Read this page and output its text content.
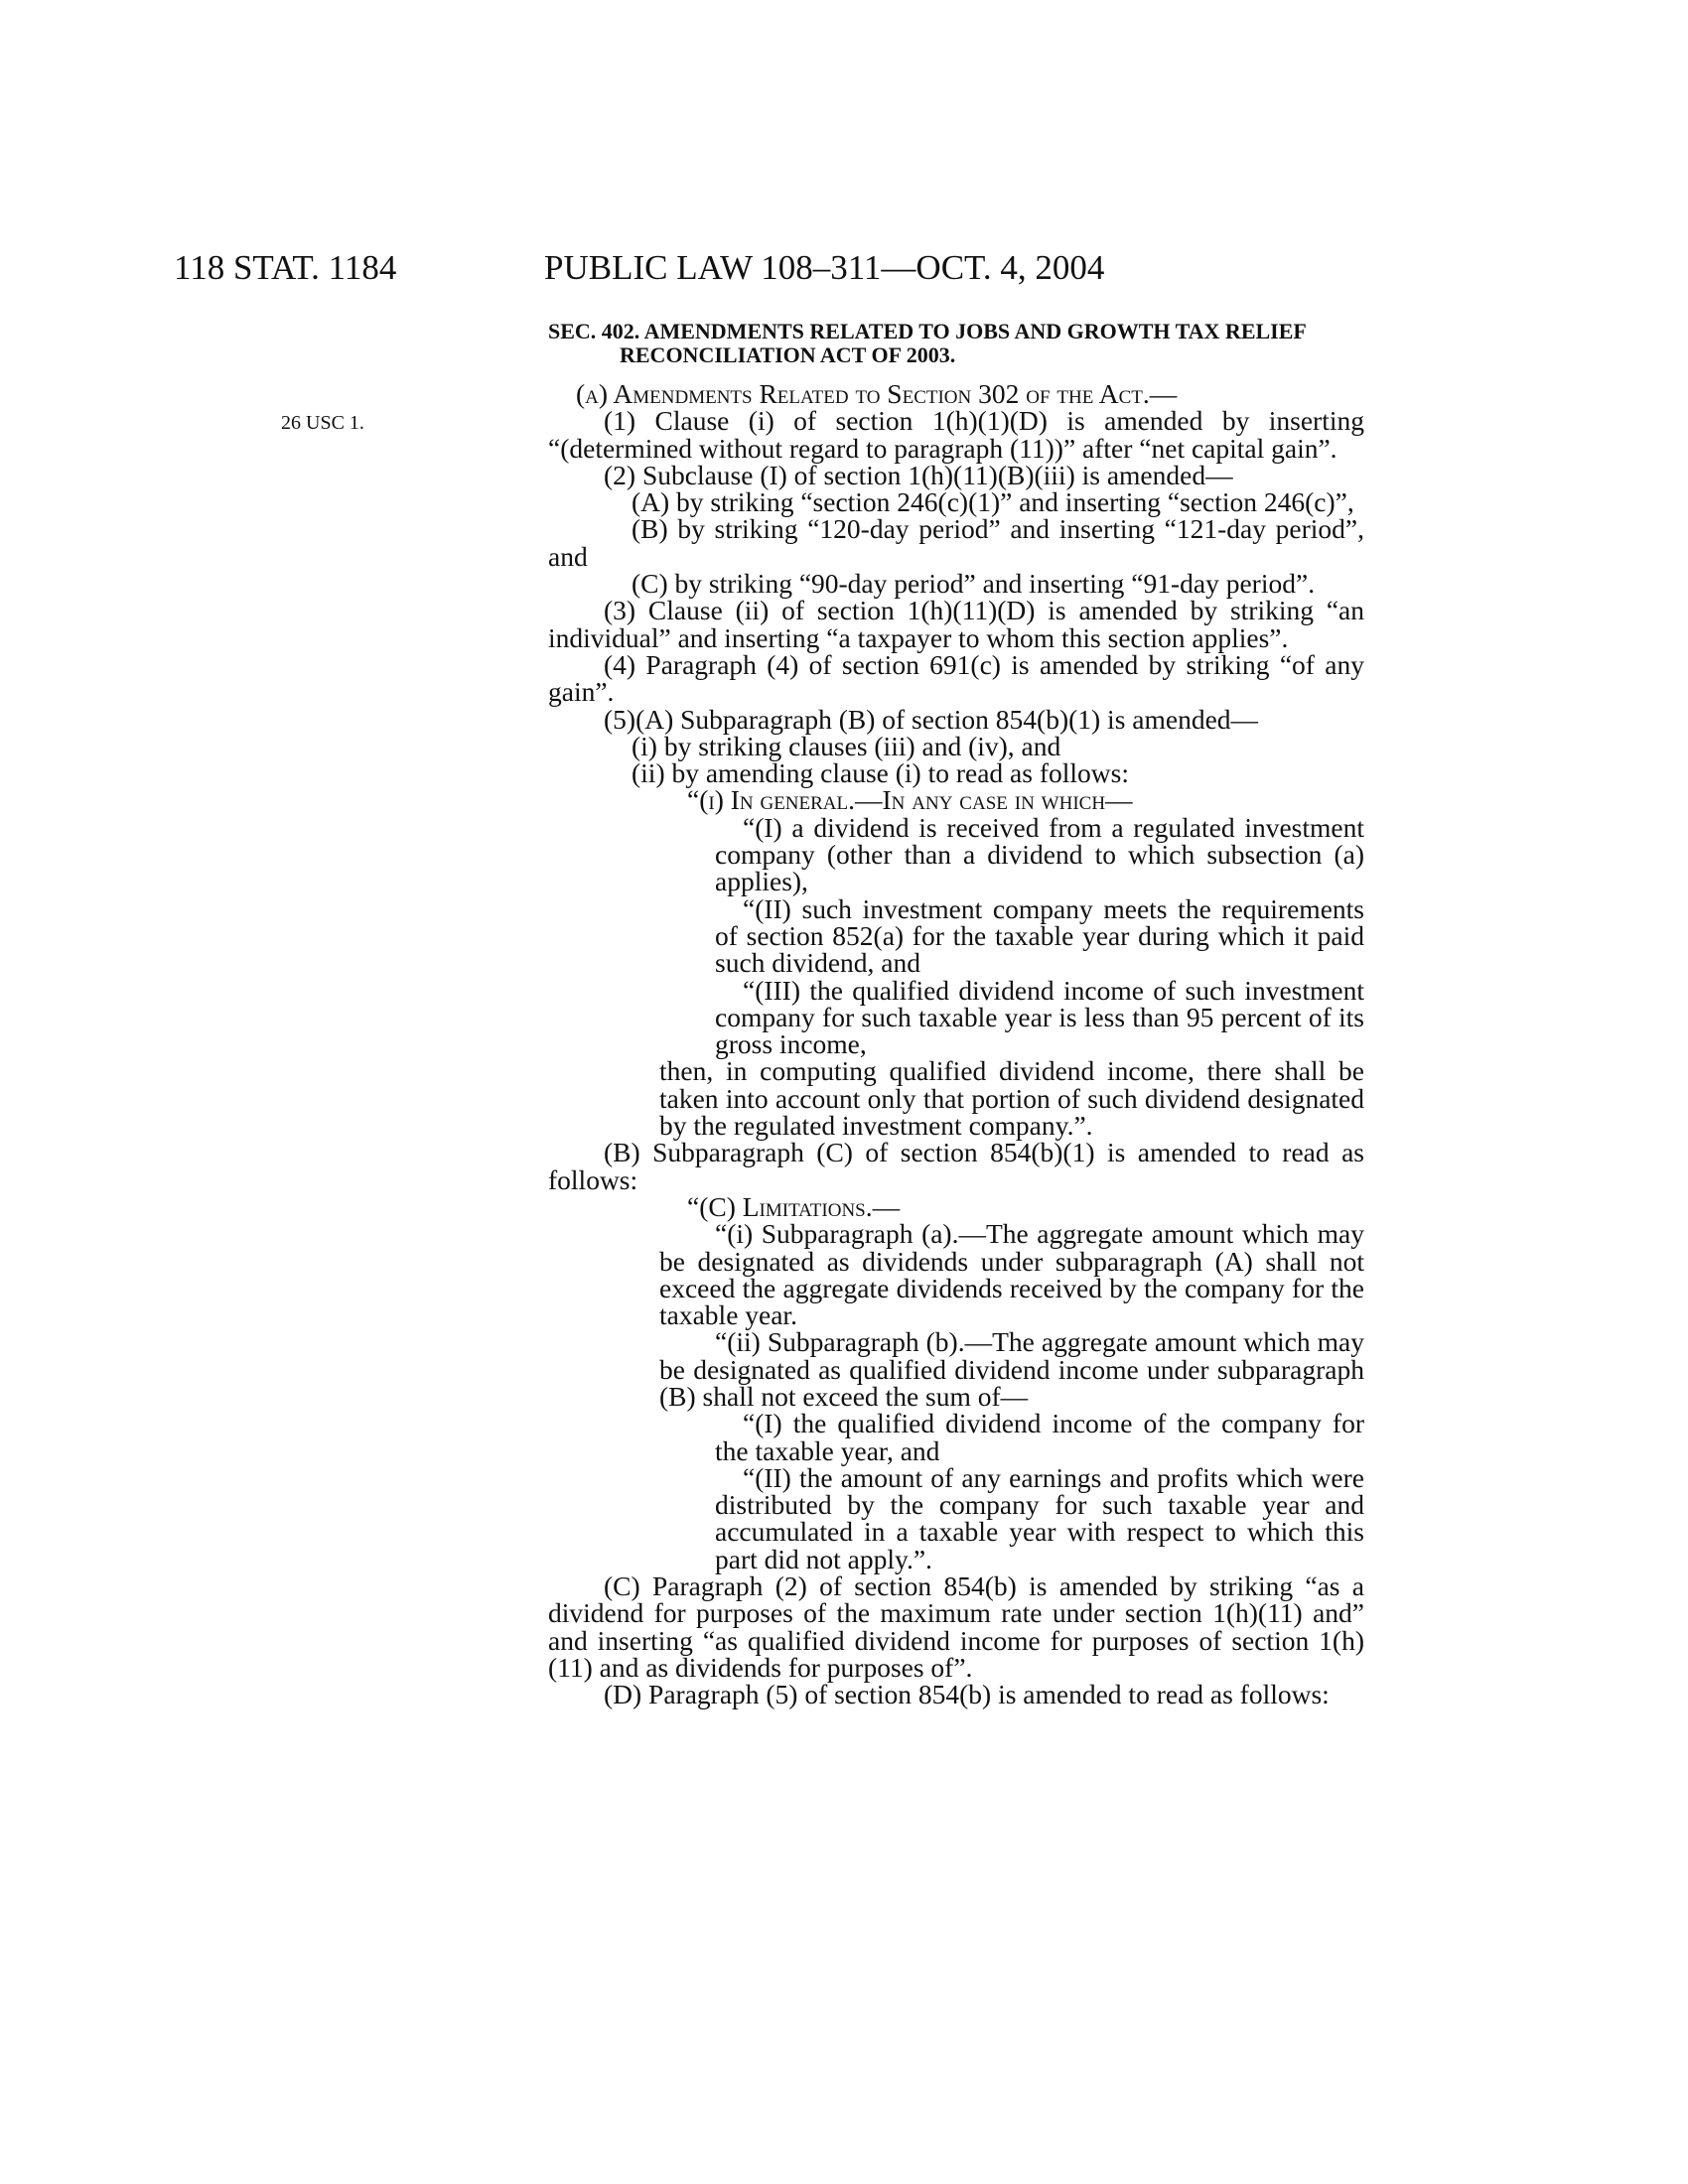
118 STAT. 1184	PUBLIC LAW 108–311—OCT. 4, 2004
26 USC 1.
SEC. 402. AMENDMENTS RELATED TO JOBS AND GROWTH TAX RELIEF
RECONCILIATION ACT OF 2003.

(a) Amendments Related to Section 302 of the Act.—

(1) Clause (i) of section 1(h)(1)(D) is amended by inserting “(determined without regard to paragraph (11))” after “net capital gain”.

(2) Subclause (I) of section 1(h)(11)(B)(iii) is amended—

(A) by striking “section 246(c)(1)” and inserting “section 246(c)”,

(B) by striking “120-day period” and inserting “121-day period”, and

(C) by striking “90-day period” and inserting “91-day period”.

(3) Clause (ii) of section 1(h)(11)(D) is amended by striking “an individual” and inserting “a taxpayer to whom this section applies”.

(4) Paragraph (4) of section 691(c) is amended by striking “of any gain”.

(5)(A) Subparagraph (B) of section 854(b)(1) is amended—

(i) by striking clauses (iii) and (iv), and

(ii) by amending clause (i) to read as follows:

“(i) In general.—In any case in which—

“(I) a dividend is received from a regulated investment company (other than a dividend to which subsection (a) applies),

“(II) such investment company meets the requirements of section 852(a) for the taxable year during which it paid such dividend, and

“(III) the qualified dividend income of such investment company for such taxable year is less than 95 percent of its gross income,

then, in computing qualified dividend income, there shall be taken into account only that portion of such dividend designated by the regulated investment company.”.

(B) Subparagraph (C) of section 854(b)(1) is amended to read as follows:

“(C) Limitations.—

“(i) Subparagraph (a).—The aggregate amount which may be designated as dividends under subparagraph (A) shall not exceed the aggregate dividends received by the company for the taxable year.

“(ii) Subparagraph (b).—The aggregate amount which may be designated as qualified dividend income under subparagraph (B) shall not exceed the sum of—

“(I) the qualified dividend income of the company for the taxable year, and

“(II) the amount of any earnings and profits which were distributed by the company for such taxable year and accumulated in a taxable year with respect to which this part did not apply.”.

(C) Paragraph (2) of section 854(b) is amended by striking “as a dividend for purposes of the maximum rate under section 1(h)(11) and” and inserting “as qualified dividend income for purposes of section 1(h)(11) and as dividends for purposes of”.

(D) Paragraph (5) of section 854(b) is amended to read as follows:
